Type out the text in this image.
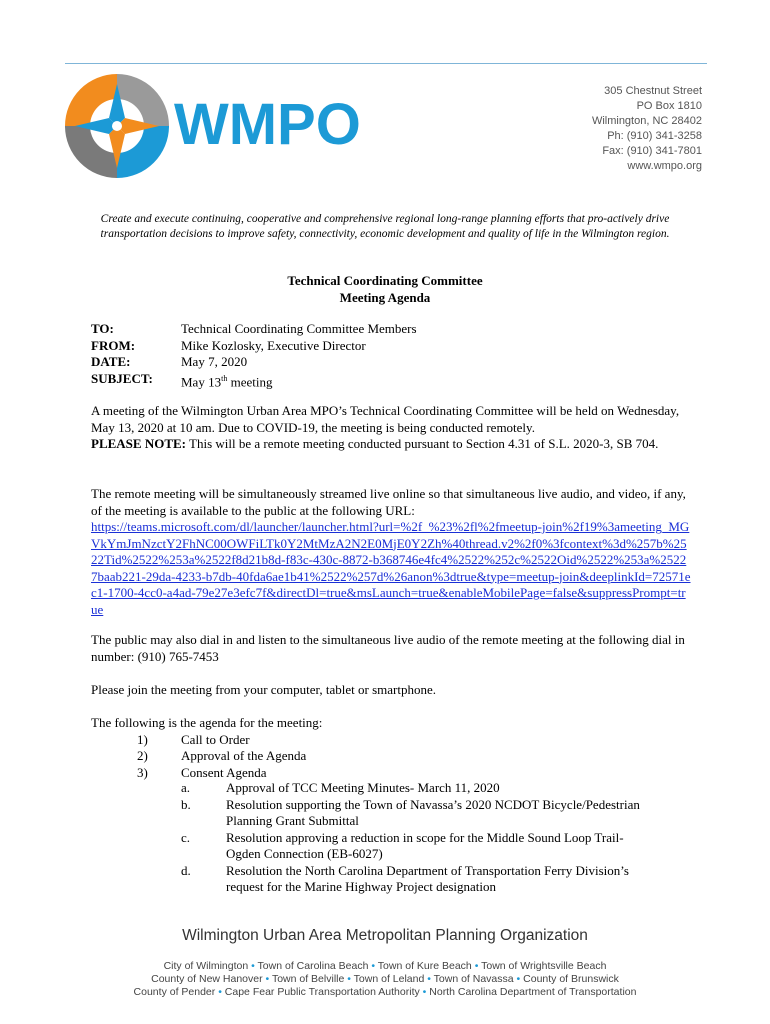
WMPO
305 Chestnut Street
PO Box 1810
Wilmington, NC 28402
Ph: (910) 341-3258
Fax: (910) 341-7801
www.wmpo.org
Create and execute continuing, cooperative and comprehensive regional long-range planning efforts that pro-actively drive transportation decisions to improve safety, connectivity, economic development and quality of life in the Wilmington region.
Technical Coordinating Committee
Meeting Agenda
TO:	Technical Coordinating Committee Members
FROM:	Mike Kozlosky, Executive Director
DATE:	May 7, 2020
SUBJECT: May 13th meeting
A meeting of the Wilmington Urban Area MPO’s Technical Coordinating Committee will be held on Wednesday, May 13, 2020 at 10 am. Due to COVID-19, the meeting is being conducted remotely.
PLEASE NOTE: This will be a remote meeting conducted pursuant to Section 4.31 of S.L. 2020-3, SB 704.
The remote meeting will be simultaneously streamed live online so that simultaneous live audio, and video, if any, of the meeting is available to the public at the following URL:
https://teams.microsoft.com/dl/launcher/launcher.html?url=%2f_%23%2fl%2fmeetup-join%2f19%3ameeting_MGVkYmJmNzctY2FhNC00OWFiLTk0Y2MtMzA2N2E0MjE0Y2Zh%40thread.v2%2f0%3fcontext%3d%257b%2522Tid%2522%253a%2522f8d21b8d-f83c-430c-8872-b368746e4fc4%2522%252c%2522Oid%2522%253a%25227baab221-29da-4233-b7db-40fda6ae1b41%2522%257d%26anon%3dtrue&type=meetup-join&deeplinkId=72571ec1-1700-4cc0-a4ad-79e27e3efc7f&directDl=true&msLaunch=true&enableMobilePage=false&suppressPrompt=true
The public may also dial in and listen to the simultaneous live audio of the remote meeting at the following dial in number: (910) 765-7453
Please join the meeting from your computer, tablet or smartphone.
The following is the agenda for the meeting:
1)	Call to Order
2)	Approval of the Agenda
3)	Consent Agenda
a.	Approval of TCC Meeting Minutes- March 11, 2020
b.	Resolution supporting the Town of Navassa’s 2020 NCDOT Bicycle/Pedestrian
Planning Grant Submittal
c.	Resolution approving a reduction in scope for the Middle Sound Loop Trail-
Ogden Connection (EB-6027)
d.	Resolution the North Carolina Department of Transportation Ferry Division’s
request for the Marine Highway Project designation
Wilmington Urban Area Metropolitan Planning Organization
City of Wilmington • Town of Carolina Beach • Town of Kure Beach • Town of Wrightsville Beach
County of New Hanover • Town of Belville • Town of Leland • Town of Navassa • County of Brunswick
County of Pender • Cape Fear Public Transportation Authority • North Carolina Department of Transportation
